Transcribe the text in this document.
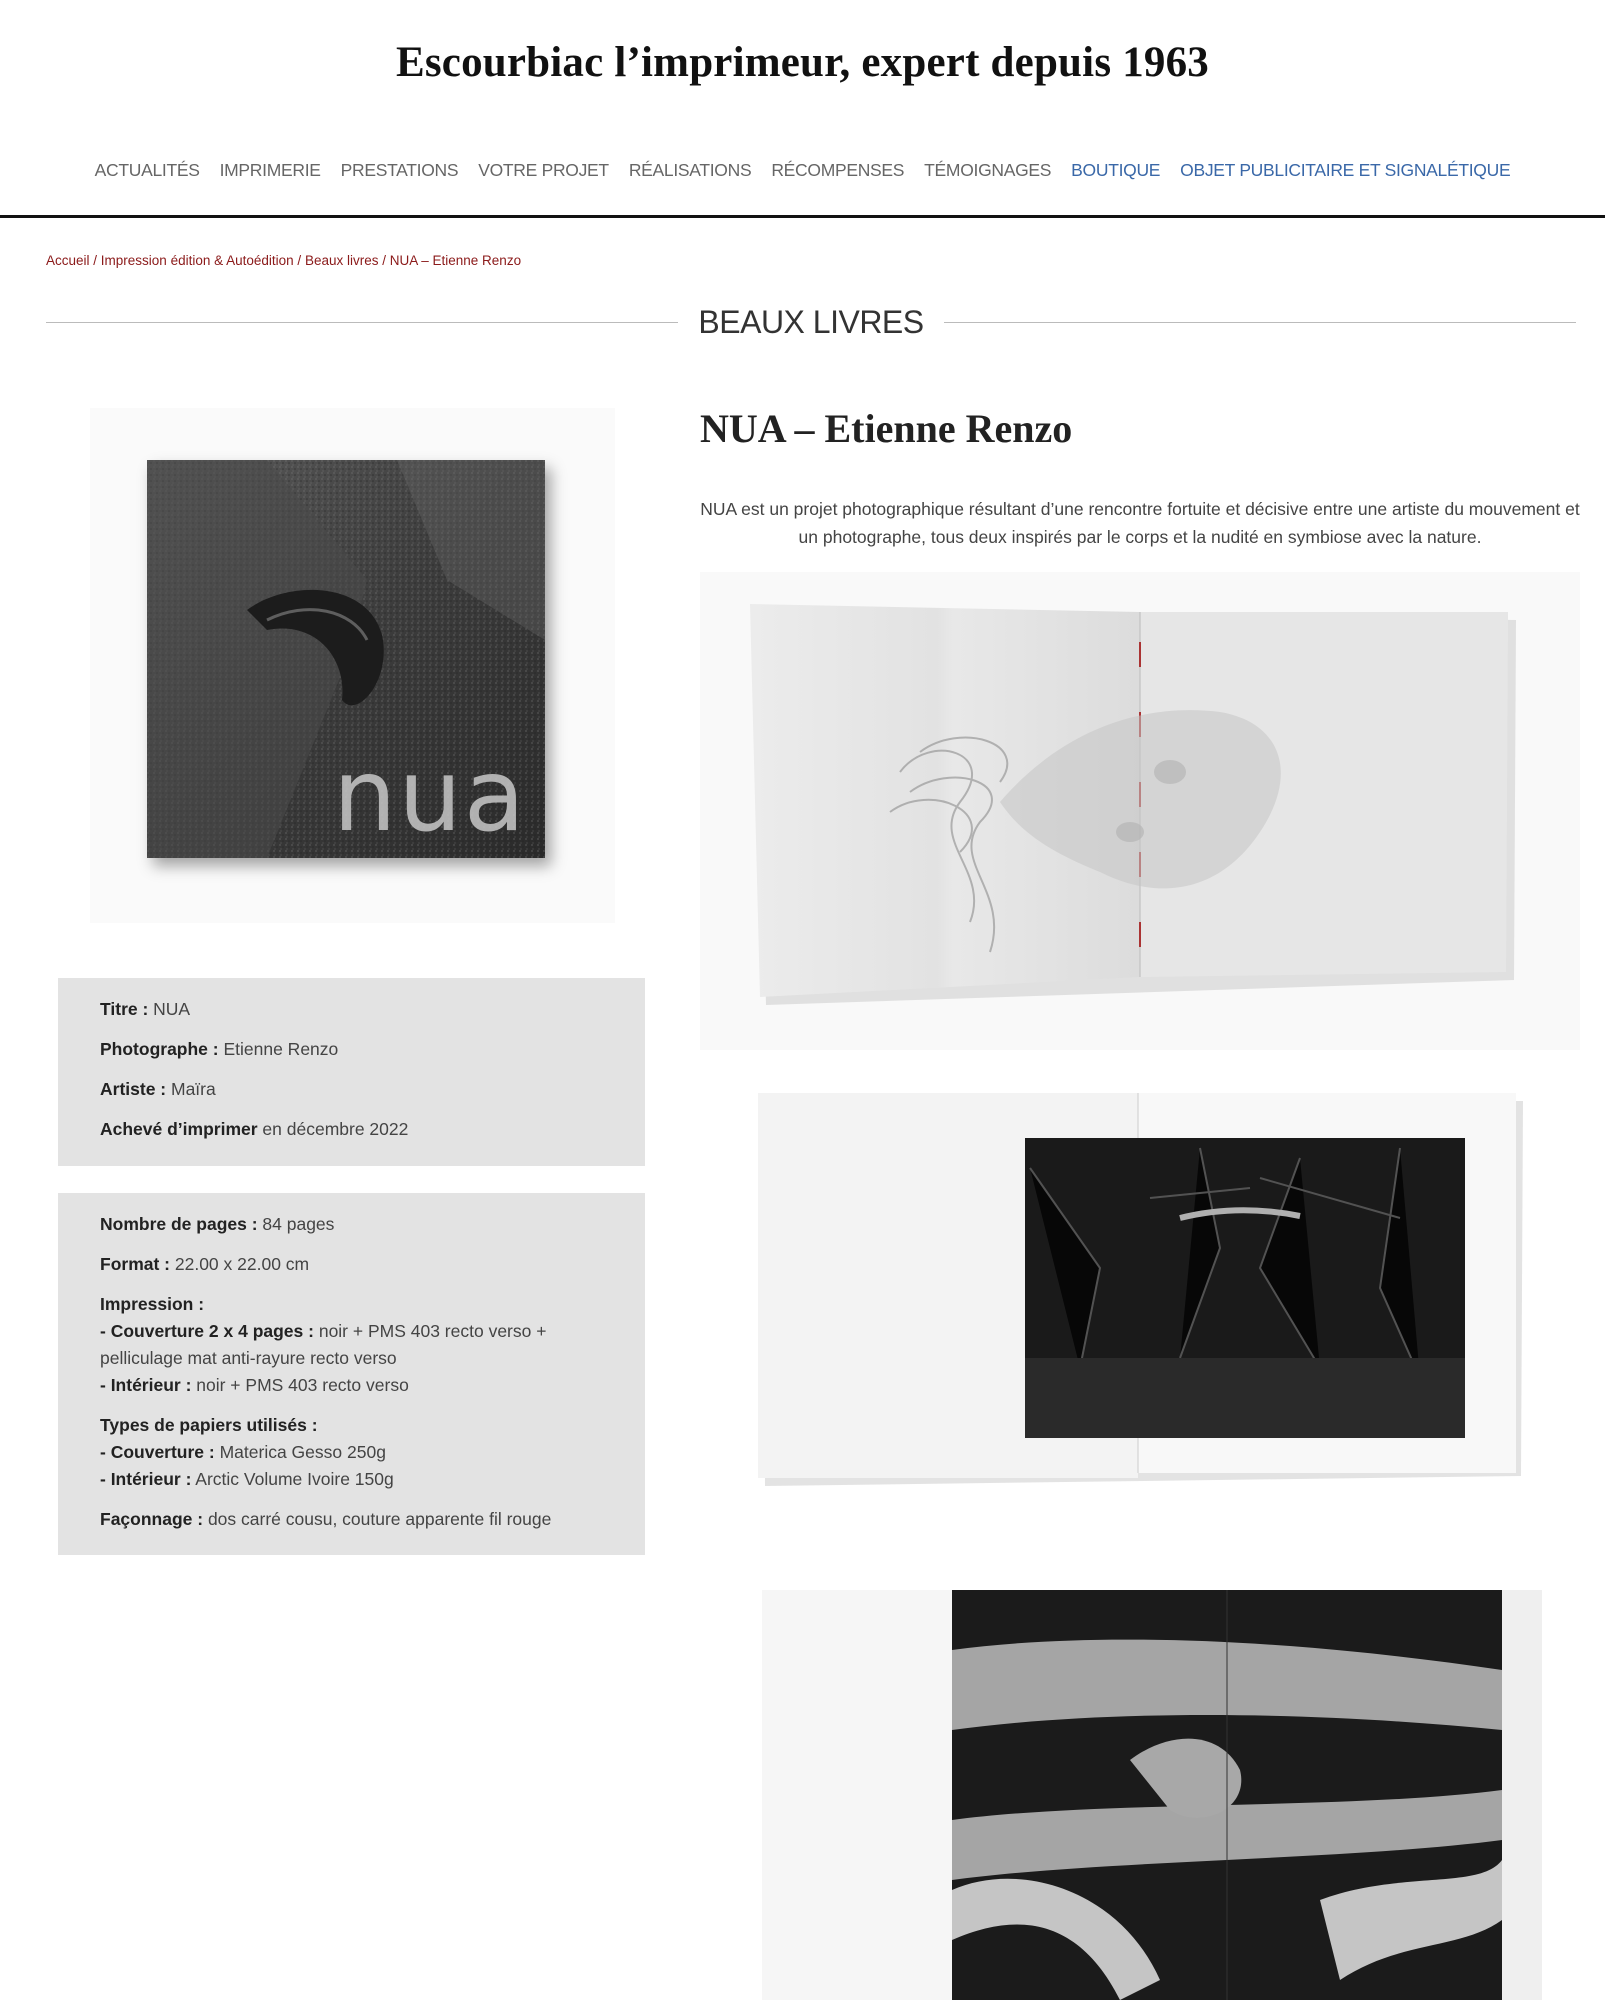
Escourbiac l’imprimeur, expert depuis 1963
ACTUALITÉS IMPRIMERIE PRESTATIONS VOTRE PROJET RÉALISATIONS RÉCOMPENSES TÉMOIGNAGES BOUTIQUE OBJET PUBLICITAIRE ET SIGNALÉTIQUE
Accueil / Impression édition & Autoédition / Beaux livres / NUA – Etienne Renzo
BEAUX LIVRES
nua

Titre : NUA

Photographe : Etienne Renzo

Artiste : Maïra

Achevé d’imprimer en décembre 2022

Nombre de pages : 84 pages

Format : 22.00 x 22.00 cm

Impression :
- Couverture 2 x 4 pages : noir + PMS 403 recto verso + pelliculage mat anti-rayure recto verso
- Intérieur : noir + PMS 403 recto verso

Types de papiers utilisés :
- Couverture : Materica Gesso 250g
- Intérieur : Arctic Volume Ivoire 150g

Façonnage : dos carré cousu, couture apparente fil rouge

NUA – Etienne Renzo

NUA est un projet photographique résultant d’une rencontre fortuite et décisive entre une artiste du mouvement et un photographe, tous deux inspirés par le corps et la nudité en symbiose avec la nature.
